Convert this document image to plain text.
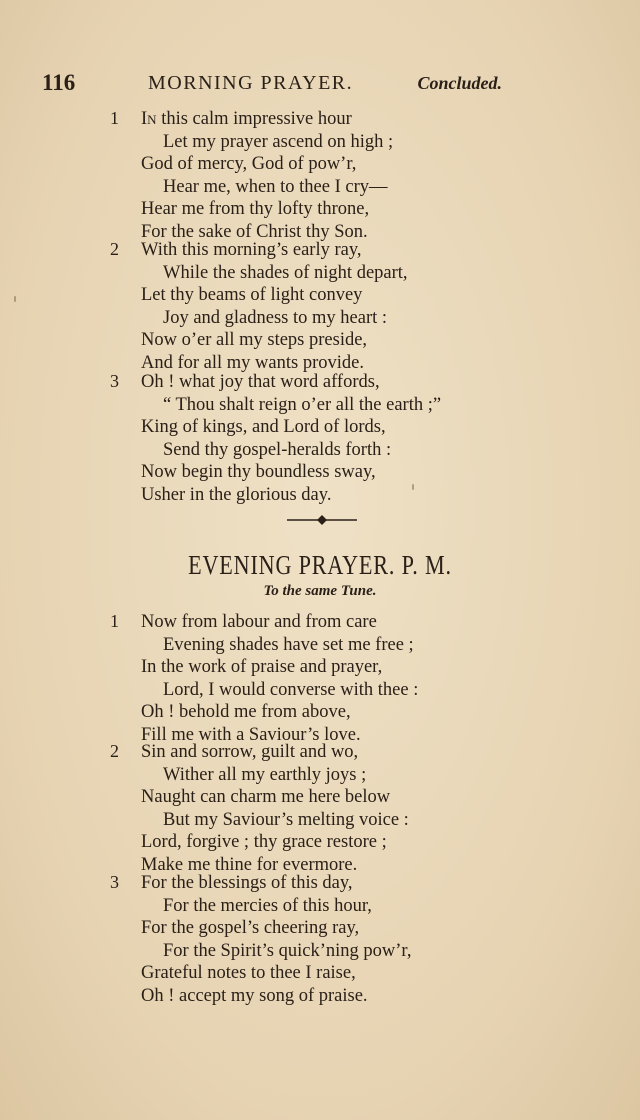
116	MORNING PRAYER.	Concluded.
1 In this calm impressive hour
Let my prayer ascend on high ;
God of mercy, God of pow’r,
Hear me, when to thee I cry—
Hear me from thy lofty throne,
For the sake of Christ thy Son.
2 With this morning’s early ray,
While the shades of night depart,
Let thy beams of light convey
Joy and gladness to my heart :
Now o’er all my steps preside,
And for all my wants provide.
3 Oh ! what joy that word affords,
“ Thou shalt reign o’er all the earth ;”
King of kings, and Lord of lords,
Send thy gospel-heralds forth :
Now begin thy boundless sway,
Usher in the glorious day.
EVENING PRAYER. P. M.
To the same Tune.
1 Now from labour and from care
Evening shades have set me free ;
In the work of praise and prayer,
Lord, I would converse with thee :
Oh ! behold me from above,
Fill me with a Saviour’s love.
2 Sin and sorrow, guilt and wo,
Wither all my earthly joys ;
Naught can charm me here below
But my Saviour’s melting voice :
Lord, forgive ; thy grace restore ;
Make me thine for evermore.
3 For the blessings of this day,
For the mercies of this hour,
For the gospel’s cheering ray,
For the Spirit’s quick’ning pow’r,
Grateful notes to thee I raise,
Oh ! accept my song of praise.
